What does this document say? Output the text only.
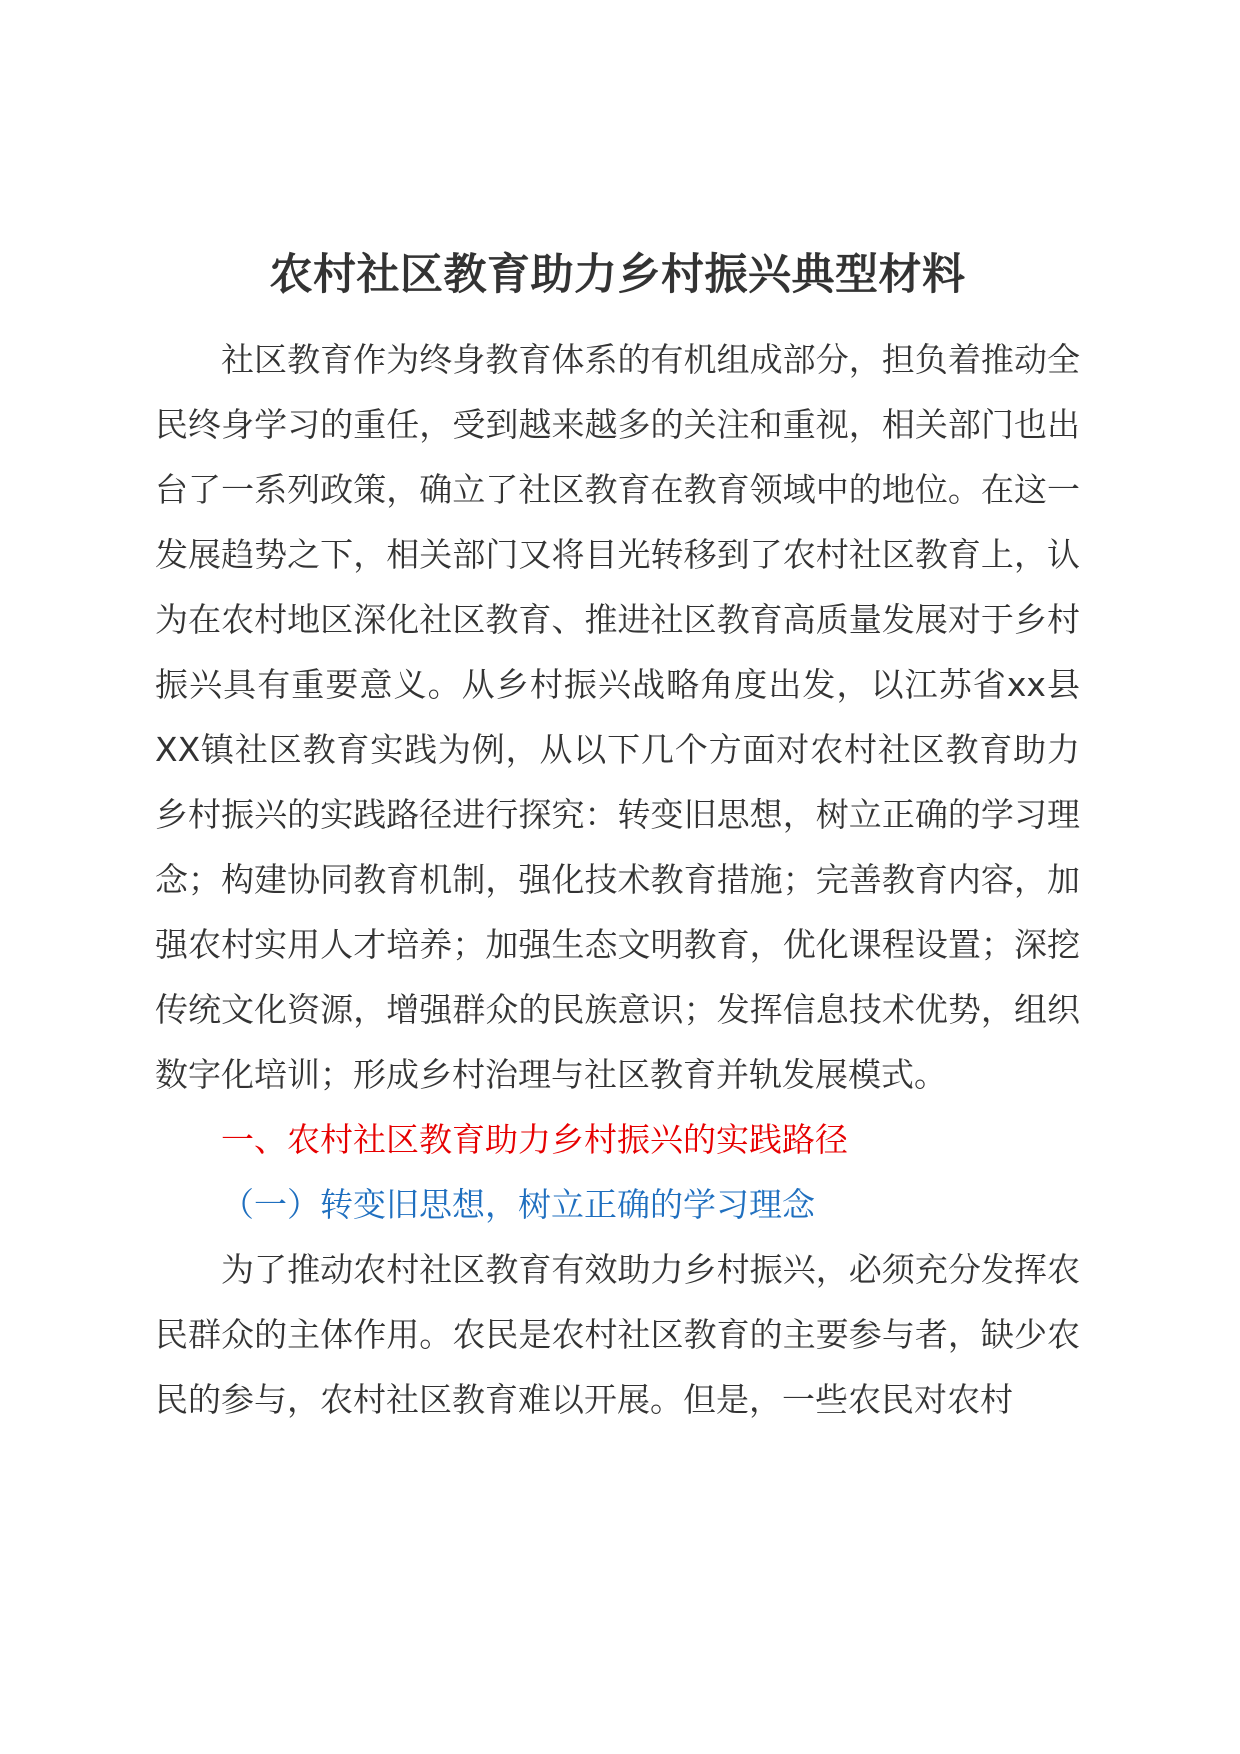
农村社区教育助力乡村振兴典型材料

社区教育作为终身教育体系的有机组成部分，担负着推动全民终身学习的重任，受到越来越多的关注和重视，相关部门也出台了一系列政策，确立了社区教育在教育领域中的地位。在这一发展趋势之下，相关部门又将目光转移到了农村社区教育上，认为在农村地区深化社区教育、推进社区教育高质量发展对于乡村振兴具有重要意义。从乡村振兴战略角度出发，以江苏省xx县XX镇社区教育实践为例，从以下几个方面对农村社区教育助力乡村振兴的实践路径进行探究：转变旧思想，树立正确的学习理念；构建协同教育机制，强化技术教育措施；完善教育内容，加强农村实用人才培养；加强生态文明教育，优化课程设置；深挖传统文化资源，增强群众的民族意识；发挥信息技术优势，组织数字化培训；形成乡村治理与社区教育并轨发展模式。

一、农村社区教育助力乡村振兴的实践路径

（一）转变旧思想，树立正确的学习理念

为了推动农村社区教育有效助力乡村振兴，必须充分发挥农民群众的主体作用。农民是农村社区教育的主要参与者，缺少农民的参与，农村社区教育难以开展。但是，一些农民对农村
